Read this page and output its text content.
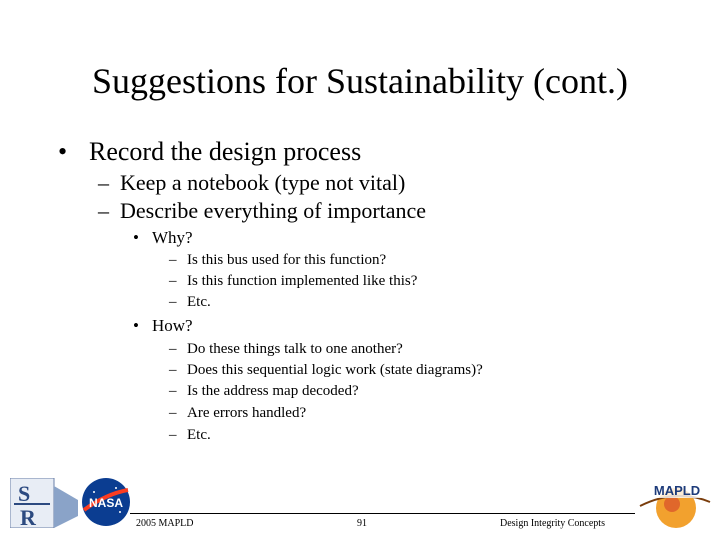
Suggestions for Sustainability (cont.)
• Record the design process
– Keep a notebook (type not vital)
– Describe everything of importance
• Why?
– Is this bus used for this function?
– Is this function implemented like this?
– Etc.
• How?
– Do these things talk to one another?
– Does this sequential logic work (state diagrams)?
– Is the address map decoded?
– Are errors handled?
– Etc.
S
R
NASA
MAPLD
2005 MAPLD	91	Design Integrity Concepts
